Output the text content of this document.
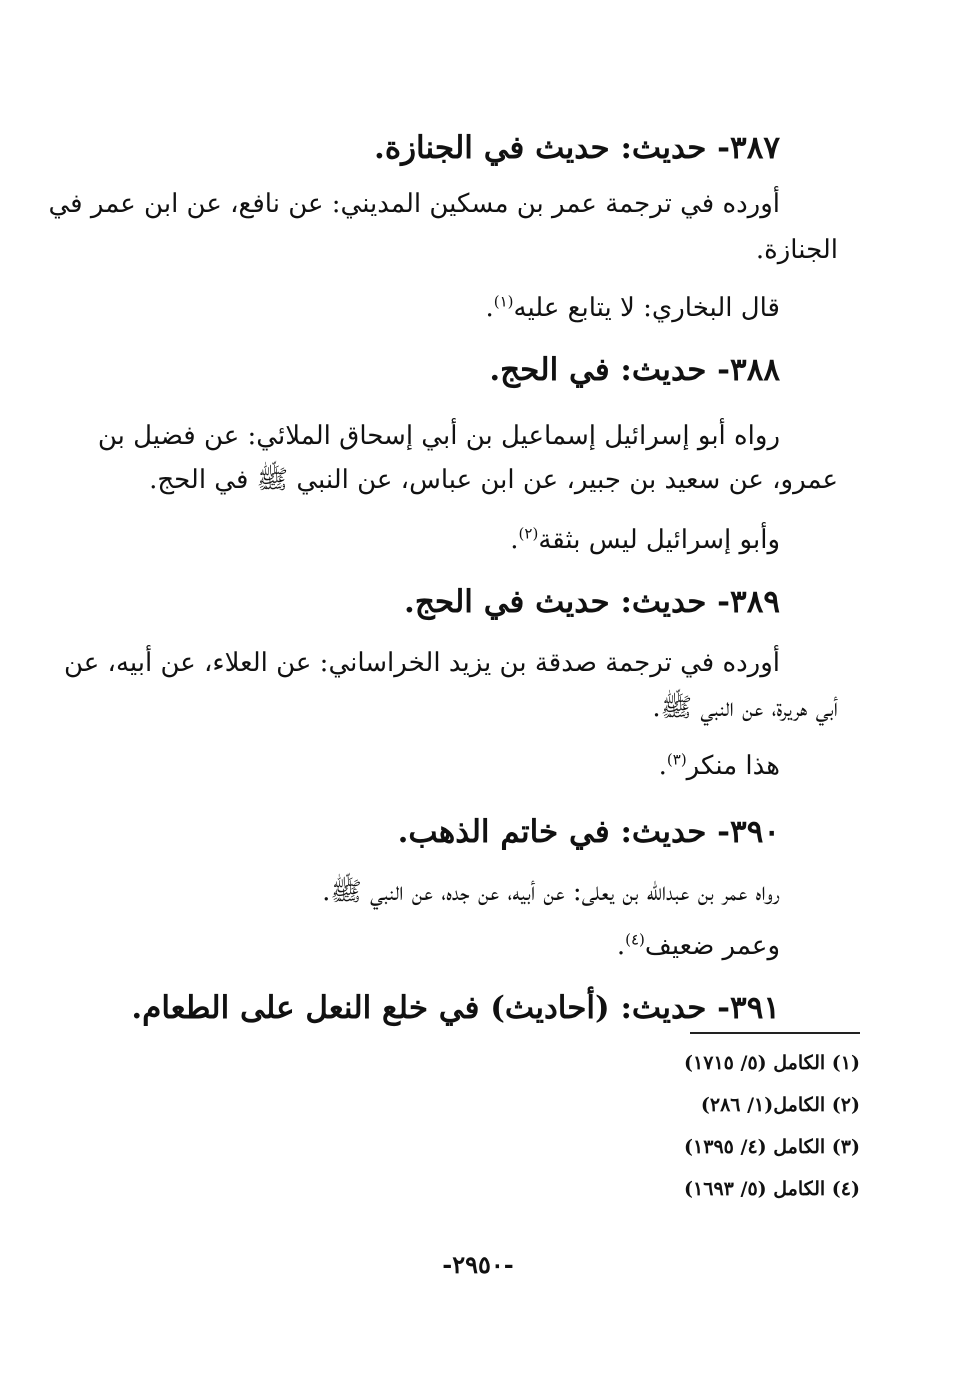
٣٨٧- حديث: حديث في الجنازة.
أورده في ترجمة عمر بن مسكين المديني: عن نافع، عن ابن عمر في
الجنازة.
قال البخاري: لا يتابع عليه$^{(١)}$.
٣٨٨- حديث: في الحج.
رواه أبو إسرائيل إسماعيل بن أبي إسحاق الملائي: عن فضيل بن
عمرو، عن سعيد بن جبير، عن ابن عباس، عن النبي ﷺ في الحج.
وأبو إسرائيل ليس بثقة$^{(٢)}$.
٣٨٩- حديث: حديث في الحج.
أورده في ترجمة صدقة بن يزيد الخراساني: عن العلاء، عن أبيه، عن
أبي هريرة، عن النبي ﷺ.
هذا منكر$^{(٣)}$.
٣٩٠- حديث: في خاتم الذهب.
رواه عمر بن عبدالله بن يعلى: عن أبيه، عن جده، عن النبي ﷺ.
وعمر ضعيف$^{(٤)}$.
٣٩١- حديث: (أحاديث) في خلع النعل على الطعام.
(١) الكامل (٥/ ١٧١٥)
(٢) الكامل(١/ ٢٨٦)
(٣) الكامل (٤/ ١٣٩٥)
(٤) الكامل (٥/ ١٦٩٣)
-٢٩٥٠-
